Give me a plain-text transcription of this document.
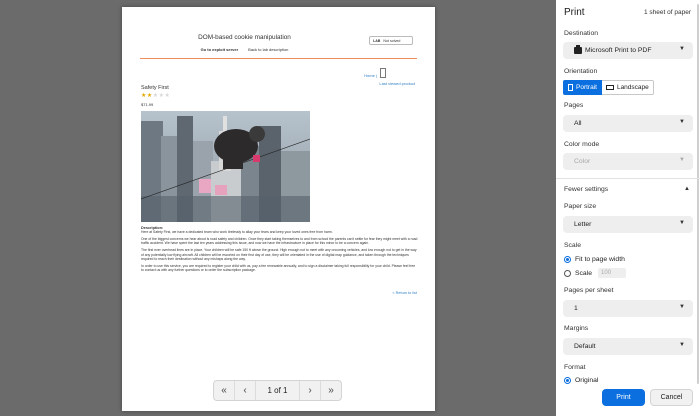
DOM-based cookie manipulation
Go to exploit server	Back to lab description
LAB Not solved
Home |
Last viewed product
Safety First
★★★★★
$71.99

Description:
Here at Safety First, we have a dedicated team who work tirelessly to allay your fears and keep your loved ones free from harm.

One of the biggest concerns we hear about is road safety and children. Once they start taking themselves to and from school the parents can't settle for fear they might meet with a road traffic accident. We have spent the last ten years addressing this issue, and now we have the infrastructure in place for this minor to be a concern again.

The first ever overhead lines are in place. Your children will be safe 150 ft above the ground. High enough not to meet with any oncoming vehicles, and low enough not to get in the way of any potentially low flying aircraft. All children will be escorted on their first day of use, they will be orientated in the use of digital map guidance, and taken through the techniques required to reach their destination without any mishaps along the way.

In order to use this service, you are required to register your child with us, pay a fee renewable annually, and to sign a disclaimer taking full responsibility for your child. Please feel free to contact us with any further questions or to order the subscription package.

< Return to list
«	‹	1 of 1	›	»
Print	1 sheet of paper
Destination
Microsoft Print to PDF	▼
Orientation
Portrait	Landscape
Pages
All	▼
Color mode
Color	▼
Fewer settings	▲
Paper size
Letter	▼
Scale
Fit to page width
Scale	100
Pages per sheet
1	▼
Margins
Default	▼
Format
Original
Print	Cancel
